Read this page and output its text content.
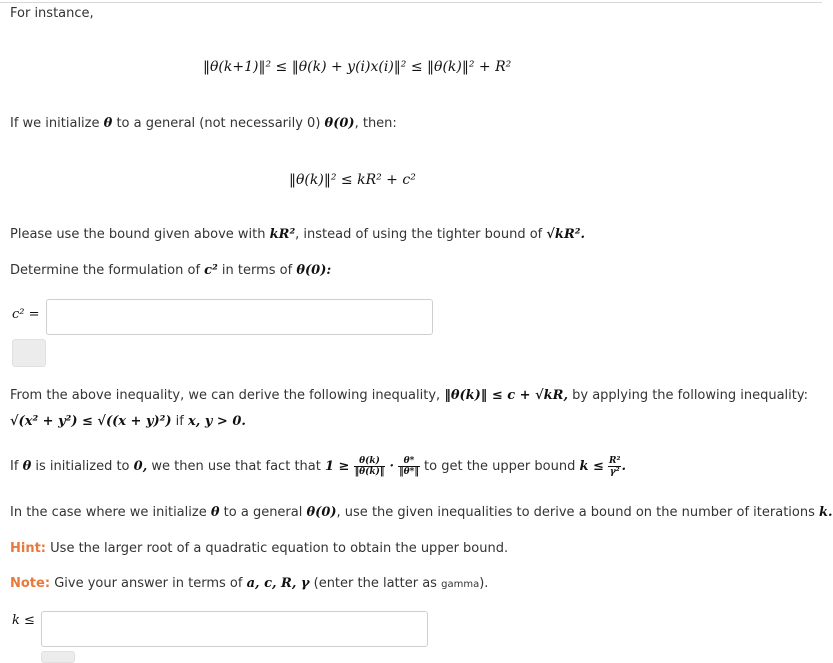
For instance,
‖θ(k+1)‖² ≤ ‖θ(k) + y(i)x(i)‖² ≤ ‖θ(k)‖² + R²
If we initialize θ to a general (not necessarily 0) θ(0), then:
‖θ(k)‖² ≤ kR² + c²
Please use the bound given above with kR², instead of using the tighter bound of √kR².
Determine the formulation of c² in terms of θ(0):
c² =
From the above inequality, we can derive the following inequality, ‖θ(k)‖ ≤ c + √kR, by applying the following inequality:
√(x² + y²) ≤ √((x + y)²) if x, y > 0.
If θ is initialized to 0, we then use that fact that $1 \ge \frac{\theta(k)}{‖\theta(k)‖} \cdot \frac{\theta*}{‖\theta*‖}$ to get the upper bound $k \le \frac{\text{R²}}{\text{γ²}}$ .
In the case where we initialize θ to a general θ(0), use the given inequalities to derive a bound on the number of iterations k.
Hint: Use the larger root of a quadratic equation to obtain the upper bound.
Note: Give your answer in terms of a, c, R, γ (enter the latter as gamma).
k ≤
